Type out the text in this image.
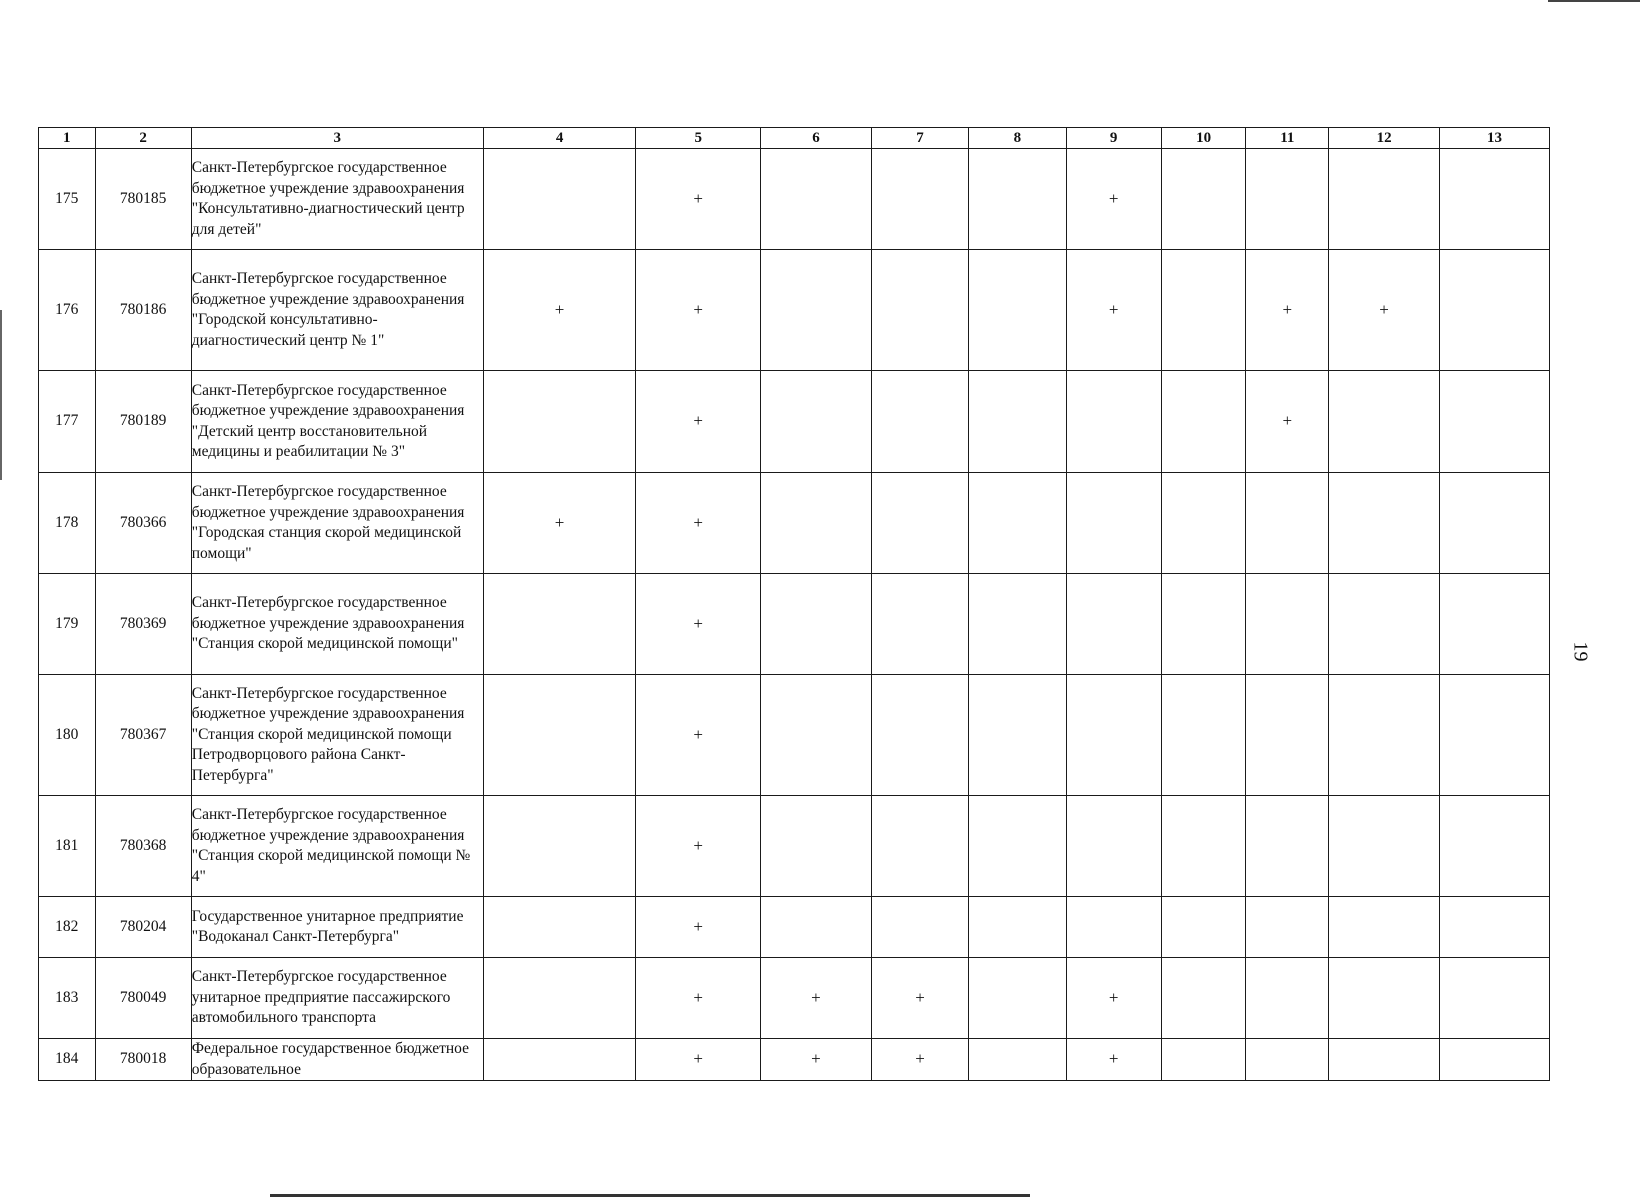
19
1	2	3	4	5	6	7	8	9	10	11	12	13
175	780185	Санкт-Петербургское государственное бюджетное учреждение здравоохранения "Консультативно-диагностический центр для детей"		+				+				
176	780186	Санкт-Петербургское государственное бюджетное учреждение здравоохранения "Городской консультативно-диагностический центр № 1"	+	+				+		+	+	
177	780189	Санкт-Петербургское государственное бюджетное учреждение здравоохранения "Детский центр восстановительной медицины и реабилитации № 3"		+						+		
178	780366	Санкт-Петербургское государственное бюджетное учреждение здравоохранения "Городская станция скорой медицинской помощи"	+	+								
179	780369	Санкт-Петербургское государственное бюджетное учреждение здравоохранения "Станция скорой медицинской помощи"		+								
180	780367	Санкт-Петербургское государственное бюджетное учреждение здравоохранения "Станция скорой медицинской помощи Петродворцового района Санкт-Петербурга"		+								
181	780368	Санкт-Петербургское государственное бюджетное учреждение здравоохранения "Станция скорой медицинской помощи № 4"		+								
182	780204	Государственное унитарное предприятие "Водоканал Санкт-Петербурга"		+								
183	780049	Санкт-Петербургское государственное унитарное предприятие пассажирского автомобильного транспорта		+	+	+		+				
184	780018	Федеральное государственное бюджетное образовательное		+	+	+		+				
